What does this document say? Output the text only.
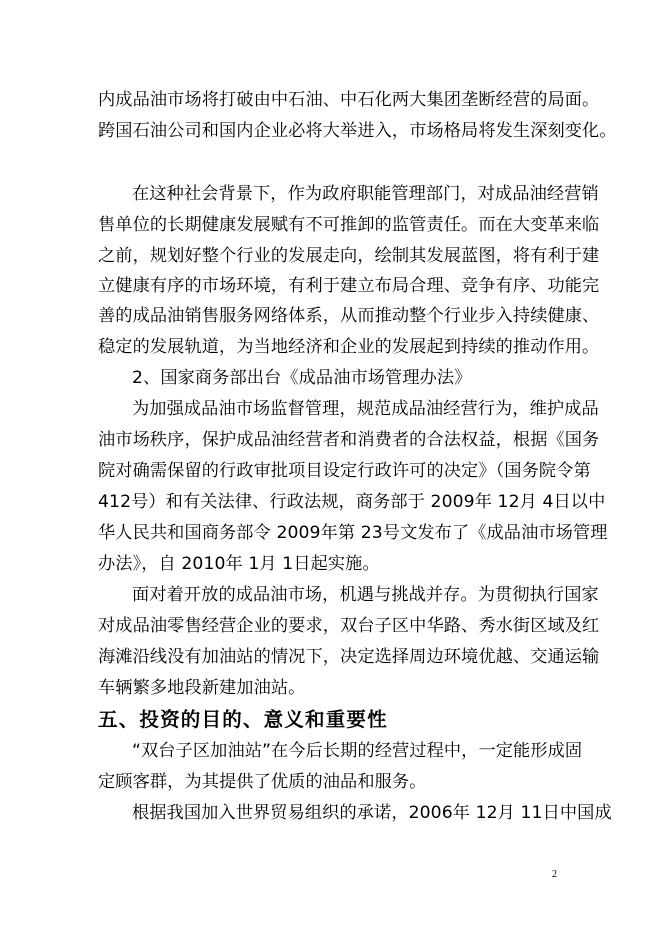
内成品油市场将打破由中石油、中石化两大集团垄断经营的局面。
跨国石油公司和国内企业必将大举进入，市场格局将发生深刻变化。
在这种社会背景下，作为政府职能管理部门，对成品油经营销
售单位的长期健康发展赋有不可推卸的监管责任。而在大变革来临
之前，规划好整个行业的发展走向，绘制其发展蓝图，将有利于建
立健康有序的市场环境，有利于建立布局合理、竞争有序、功能完
善的成品油销售服务网络体系，从而推动整个行业步入持续健康、
稳定的发展轨道，为当地经济和企业的发展起到持续的推动作用。
2、国家商务部出台《成品油市场管理办法》
为加强成品油市场监督管理，规范成品油经营行为，维护成品
油市场秩序，保护成品油经营者和消费者的合法权益，根据《国务
院对确需保留的行政审批项目设定行政许可的决定》（国务院令第
412号）和有关法律、行政法规，商务部于 2009年 12月 4日以中
华人民共和国商务部令 2009年第 23号文发布了《成品油市场管理
办法》，自 2010年 1月 1日起实施。
面对着开放的成品油市场，机遇与挑战并存。为贯彻执行国家
对成品油零售经营企业的要求，双台子区中华路、秀水街区域及红
海滩沿线没有加油站的情况下，决定选择周边环境优越、交通运输
车辆繁多地段新建加油站。
五、投资的目的、意义和重要性
“双台子区加油站”在今后长期的经营过程中，一定能形成固
定顾客群，为其提供了优质的油品和服务。
根据我国加入世界贸易组织的承诺，2006年 12月 11日中国成
2
